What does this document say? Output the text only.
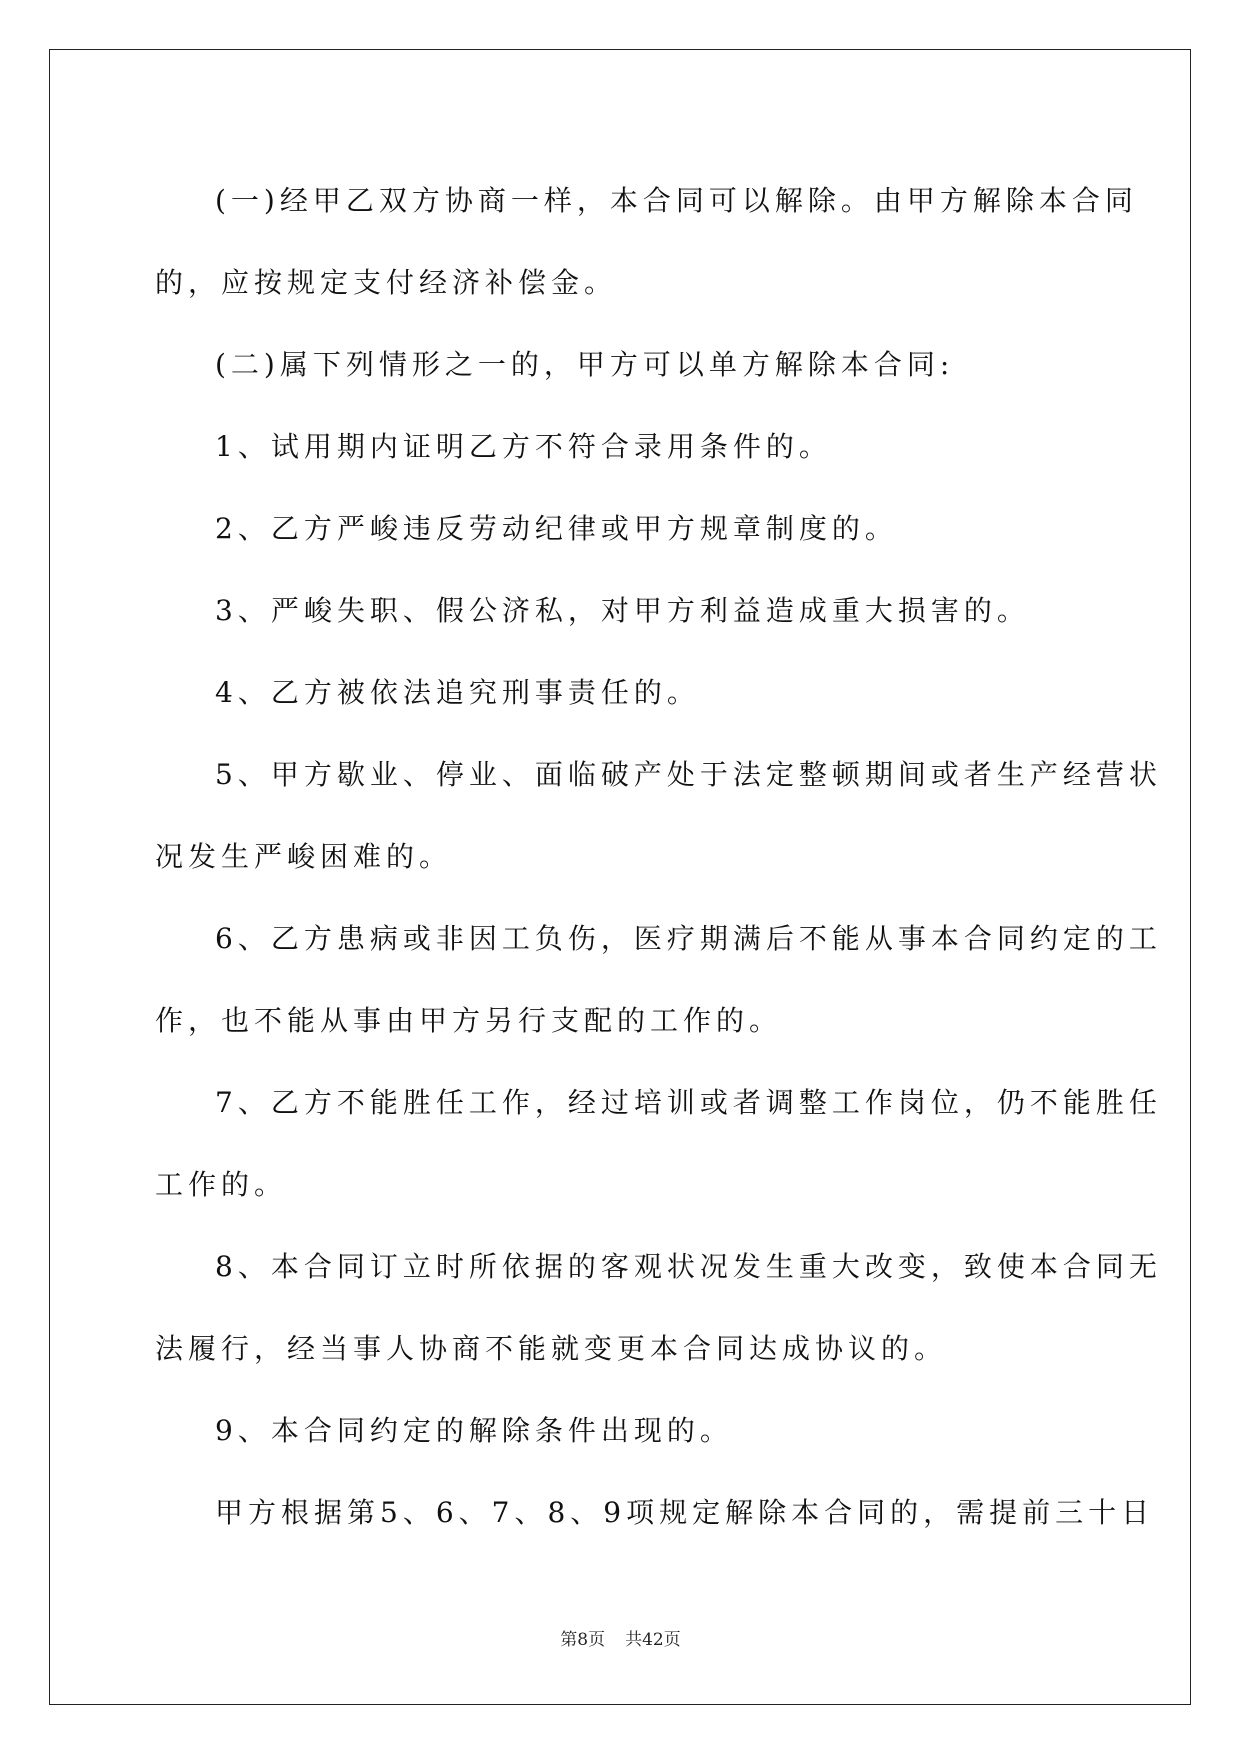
(一)经甲乙双方协商一样，本合同可以解除。由甲方解除本合同

的，应按规定支付经济补偿金。

(二)属下列情形之一的，甲方可以单方解除本合同:

1、试用期内证明乙方不符合录用条件的。

2、乙方严峻违反劳动纪律或甲方规章制度的。

3、严峻失职、假公济私，对甲方利益造成重大损害的。

4、乙方被依法追究刑事责任的。

5、甲方歇业、停业、面临破产处于法定整顿期间或者生产经营状

况发生严峻困难的。

6、乙方患病或非因工负伤，医疗期满后不能从事本合同约定的工

作，也不能从事由甲方另行支配的工作的。

7、乙方不能胜任工作，经过培训或者调整工作岗位，仍不能胜任

工作的。

8、本合同订立时所依据的客观状况发生重大改变，致使本合同无

法履行，经当事人协商不能就变更本合同达成协议的。

9、本合同约定的解除条件出现的。

甲方根据第5、6、7、8、9项规定解除本合同的，需提前三十日

第8页 共42页
